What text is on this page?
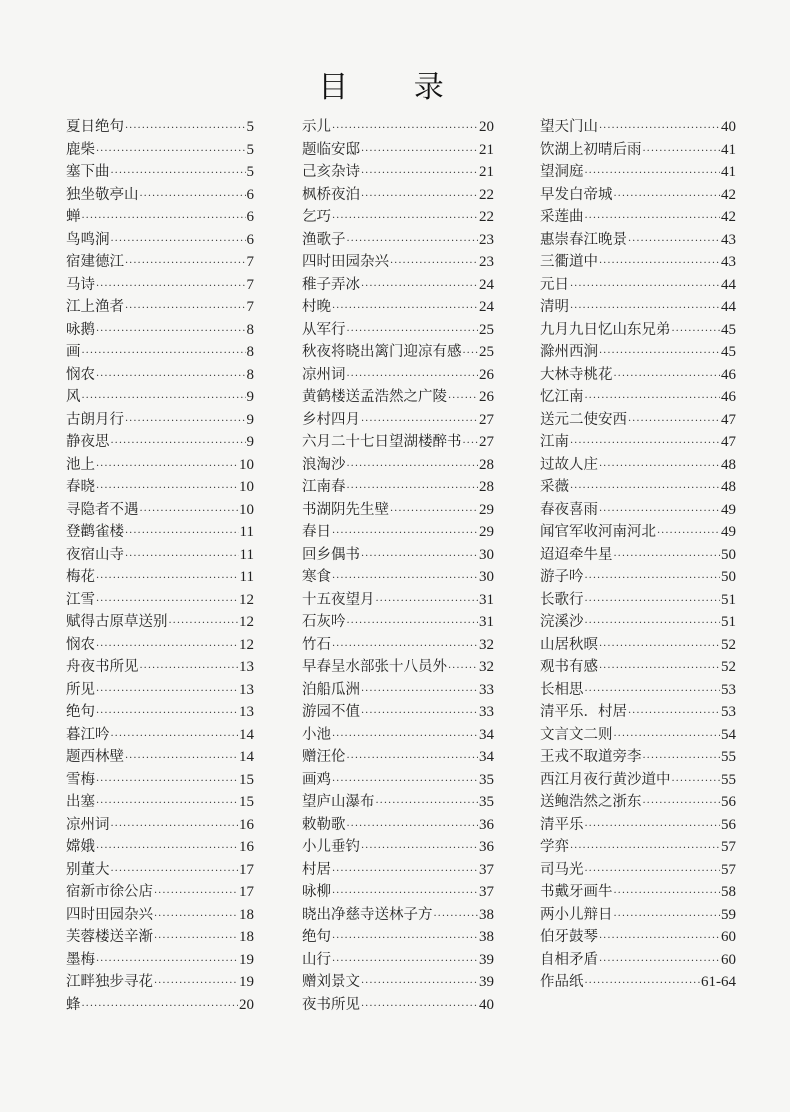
目 录
夏日绝句 ·····	5
鹿柴 ·····	5
塞下曲 ·····	5
独坐敬亭山 ·····	6
蝉 ·····	6
鸟鸣涧 ·····	6
宿建德江 ·····	7
马诗 ·····	7
江上渔者 ·····	7
咏鹅 ·····	8
画 ·····	8
悯农 ·····	8
风 ·····	9
古朗月行 ·····	9
静夜思 ·····	9
池上 ·····	10
春晓 ·····	10
寻隐者不遇 ·····	10
登鹳雀楼 ·····	11
夜宿山寺 ·····	11
梅花 ·····	11
江雪 ·····	12
赋得古原草送别 ·····	12
悯农 ·····	12
舟夜书所见 ·····	13
所见 ·····	13
绝句 ·····	13
暮江吟 ·····	14
题西林壁 ·····	14
雪梅 ·····	15
出塞 ·····	15
凉州词 ·····	16
嫦娥 ·····	16
别董大 ·····	17
宿新市徐公店 ·····	17
四时田园杂兴 ·····	18
芙蓉楼送辛渐 ·····	18
墨梅 ·····	19
江畔独步寻花 ·····	19
蜂 ·····	20
示儿 ·····	20
题临安邸 ·····	21
己亥杂诗 ·····	21
枫桥夜泊 ·····	22
乞巧 ·····	22
渔歌子 ·····	23
四时田园杂兴 ·····	23
稚子弄冰 ·····	24
村晚 ·····	24
从军行 ·····	25
秋夜将晓出篱门迎凉有感 ····· 25
凉州词 ·····	26
黄鹤楼送孟浩然之广陵 ····· 26
乡村四月 ·····	27
六月二十七日望湖楼醉书 ····· 27
浪淘沙 ·····	28
江南春 ·····	28
书湖阴先生壁 ·····	29
春日 ·····	29
回乡偶书 ·····	30
寒食 ·····	30
十五夜望月 ·····	31
石灰吟 ·····	31
竹石 ·····	32
早春呈水部张十八员外 ····· 32
泊船瓜洲 ·····	33
游园不值 ·····	33
小池 ·····	34
赠汪伦 ·····	34
画鸡 ·····	35
望庐山瀑布 ·····	35
敕勒歌 ·····	36
小儿垂钓 ·····	36
村居 ·····	37
咏柳 ·····	37
晓出净慈寺送林子方 ·····	38
绝句 ·····	38
山行 ·····	39
赠刘景文 ·····	39
夜书所见 ·····	40
望天门山 ·····	40
饮湖上初晴后雨 ·····	41
望洞庭 ·····	41
早发白帝城 ·····	42
采莲曲 ·····	42
惠崇春江晚景 ·····	43
三衢道中 ·····	43
元日 ·····	44
清明 ·····	44
九月九日忆山东兄弟 ·····	45
滁州西涧 ·····	45
大林寺桃花 ·····	46
忆江南 ·····	46
送元二使安西 ·····	47
江南 ·····	47
过故人庄 ·····	48
采薇 ·····	48
春夜喜雨 ·····	49
闻官军收河南河北 ·····	49
迢迢牵牛星 ·····	50
游子吟 ·····	50
长歌行 ·····	51
浣溪沙 ·····	51
山居秋暝 ·····	52
观书有感 ·····	52
长相思 ·····	53
清平乐．村居 ·····	53
文言文二则 ·····	54
王戎不取道旁李 ·····	55
西江月夜行黄沙道中 ·····	55
送鲍浩然之浙东 ·····	56
清平乐 ·····	56
学弈 ·····	57
司马光 ·····	57
书戴牙画牛 ·····	58
两小儿辩日 ·····	59
伯牙鼓琴 ·····	60
自相矛盾 ·····	60
作品纸 ·····	61-64
